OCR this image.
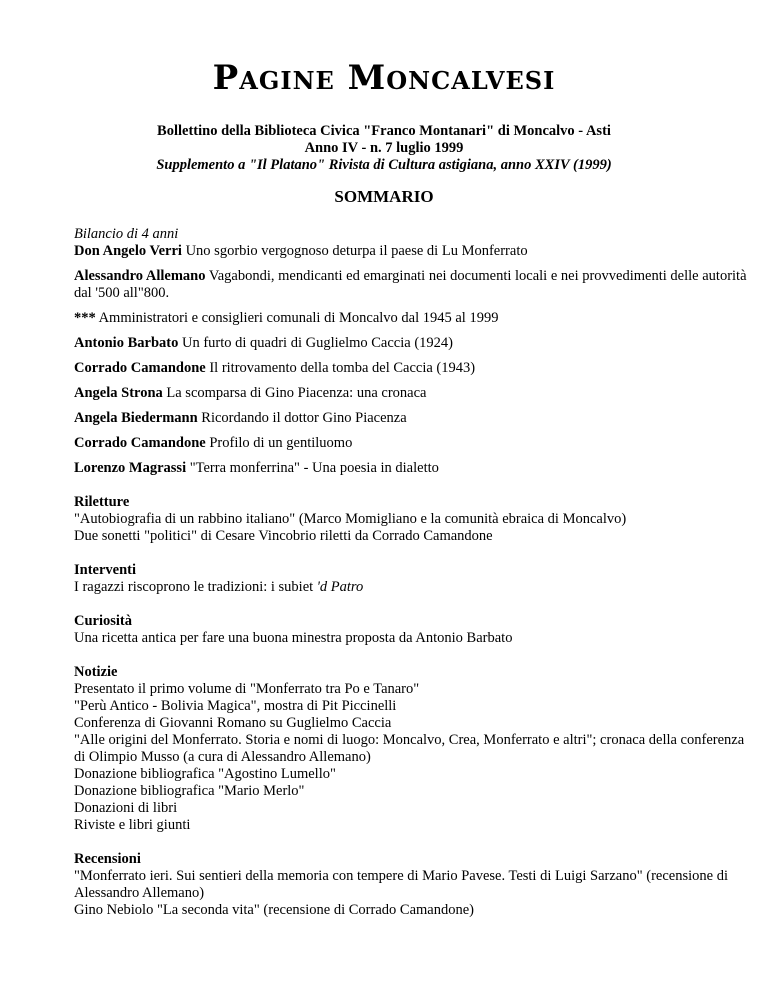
Pagine Moncalvesi
Bollettino della Biblioteca Civica "Franco Montanari" di Moncalvo - Asti
Anno IV - n. 7 luglio 1999
Supplemento a "Il Platano" Rivista di Cultura astigiana, anno XXIV (1999)
SOMMARIO

Bilancio di 4 anni

Don Angelo Verri Uno sgorbio vergognoso deturpa il paese di Lu Monferrato

Alessandro Allemano Vagabondi, mendicanti ed emarginati nei documenti locali e nei provvedimenti delle autorità dal '500 all"800.

*** Amministratori e consiglieri comunali di Moncalvo dal 1945 al 1999

Antonio Barbato Un furto di quadri di Guglielmo Caccia (1924)

Corrado Camandone Il ritrovamento della tomba del Caccia (1943)

Angela Strona La scomparsa di Gino Piacenza: una cronaca

Angela Biedermann Ricordando il dottor Gino Piacenza

Corrado Camandone Profilo di un gentiluomo

Lorenzo Magrassi "Terra monferrina" - Una poesia in dialetto

Riletture
"Autobiografia di un rabbino italiano" (Marco Momigliano e la comunità ebraica di Moncalvo)
Due sonetti "politici" di Cesare Vincobrio riletti da Corrado Camandone
Interventi
I ragazzi riscoprono le tradizioni: i subiet 'd Patro
Curiosità
Una ricetta antica per fare una buona minestra proposta da Antonio Barbato
Notizie
Presentato il primo volume di "Monferrato tra Po e Tanaro"
"Perù Antico - Bolivia Magica", mostra di Pit Piccinelli
Conferenza di Giovanni Romano su Guglielmo Caccia
"Alle origini del Monferrato. Storia e nomi di luogo: Moncalvo, Crea, Monferrato e altri"; cronaca della conferenza di Olimpio Musso (a cura di Alessandro Allemano)
Donazione bibliografica "Agostino Lumello"
Donazione bibliografica "Mario Merlo"
Donazioni di libri
Riviste e libri giunti
Recensioni
"Monferrato ieri. Sui sentieri della memoria con tempere di Mario Pavese. Testi di Luigi Sarzano" (recensione di Alessandro Allemano)
Gino Nebiolo "La seconda vita" (recensione di Corrado Camandone)
